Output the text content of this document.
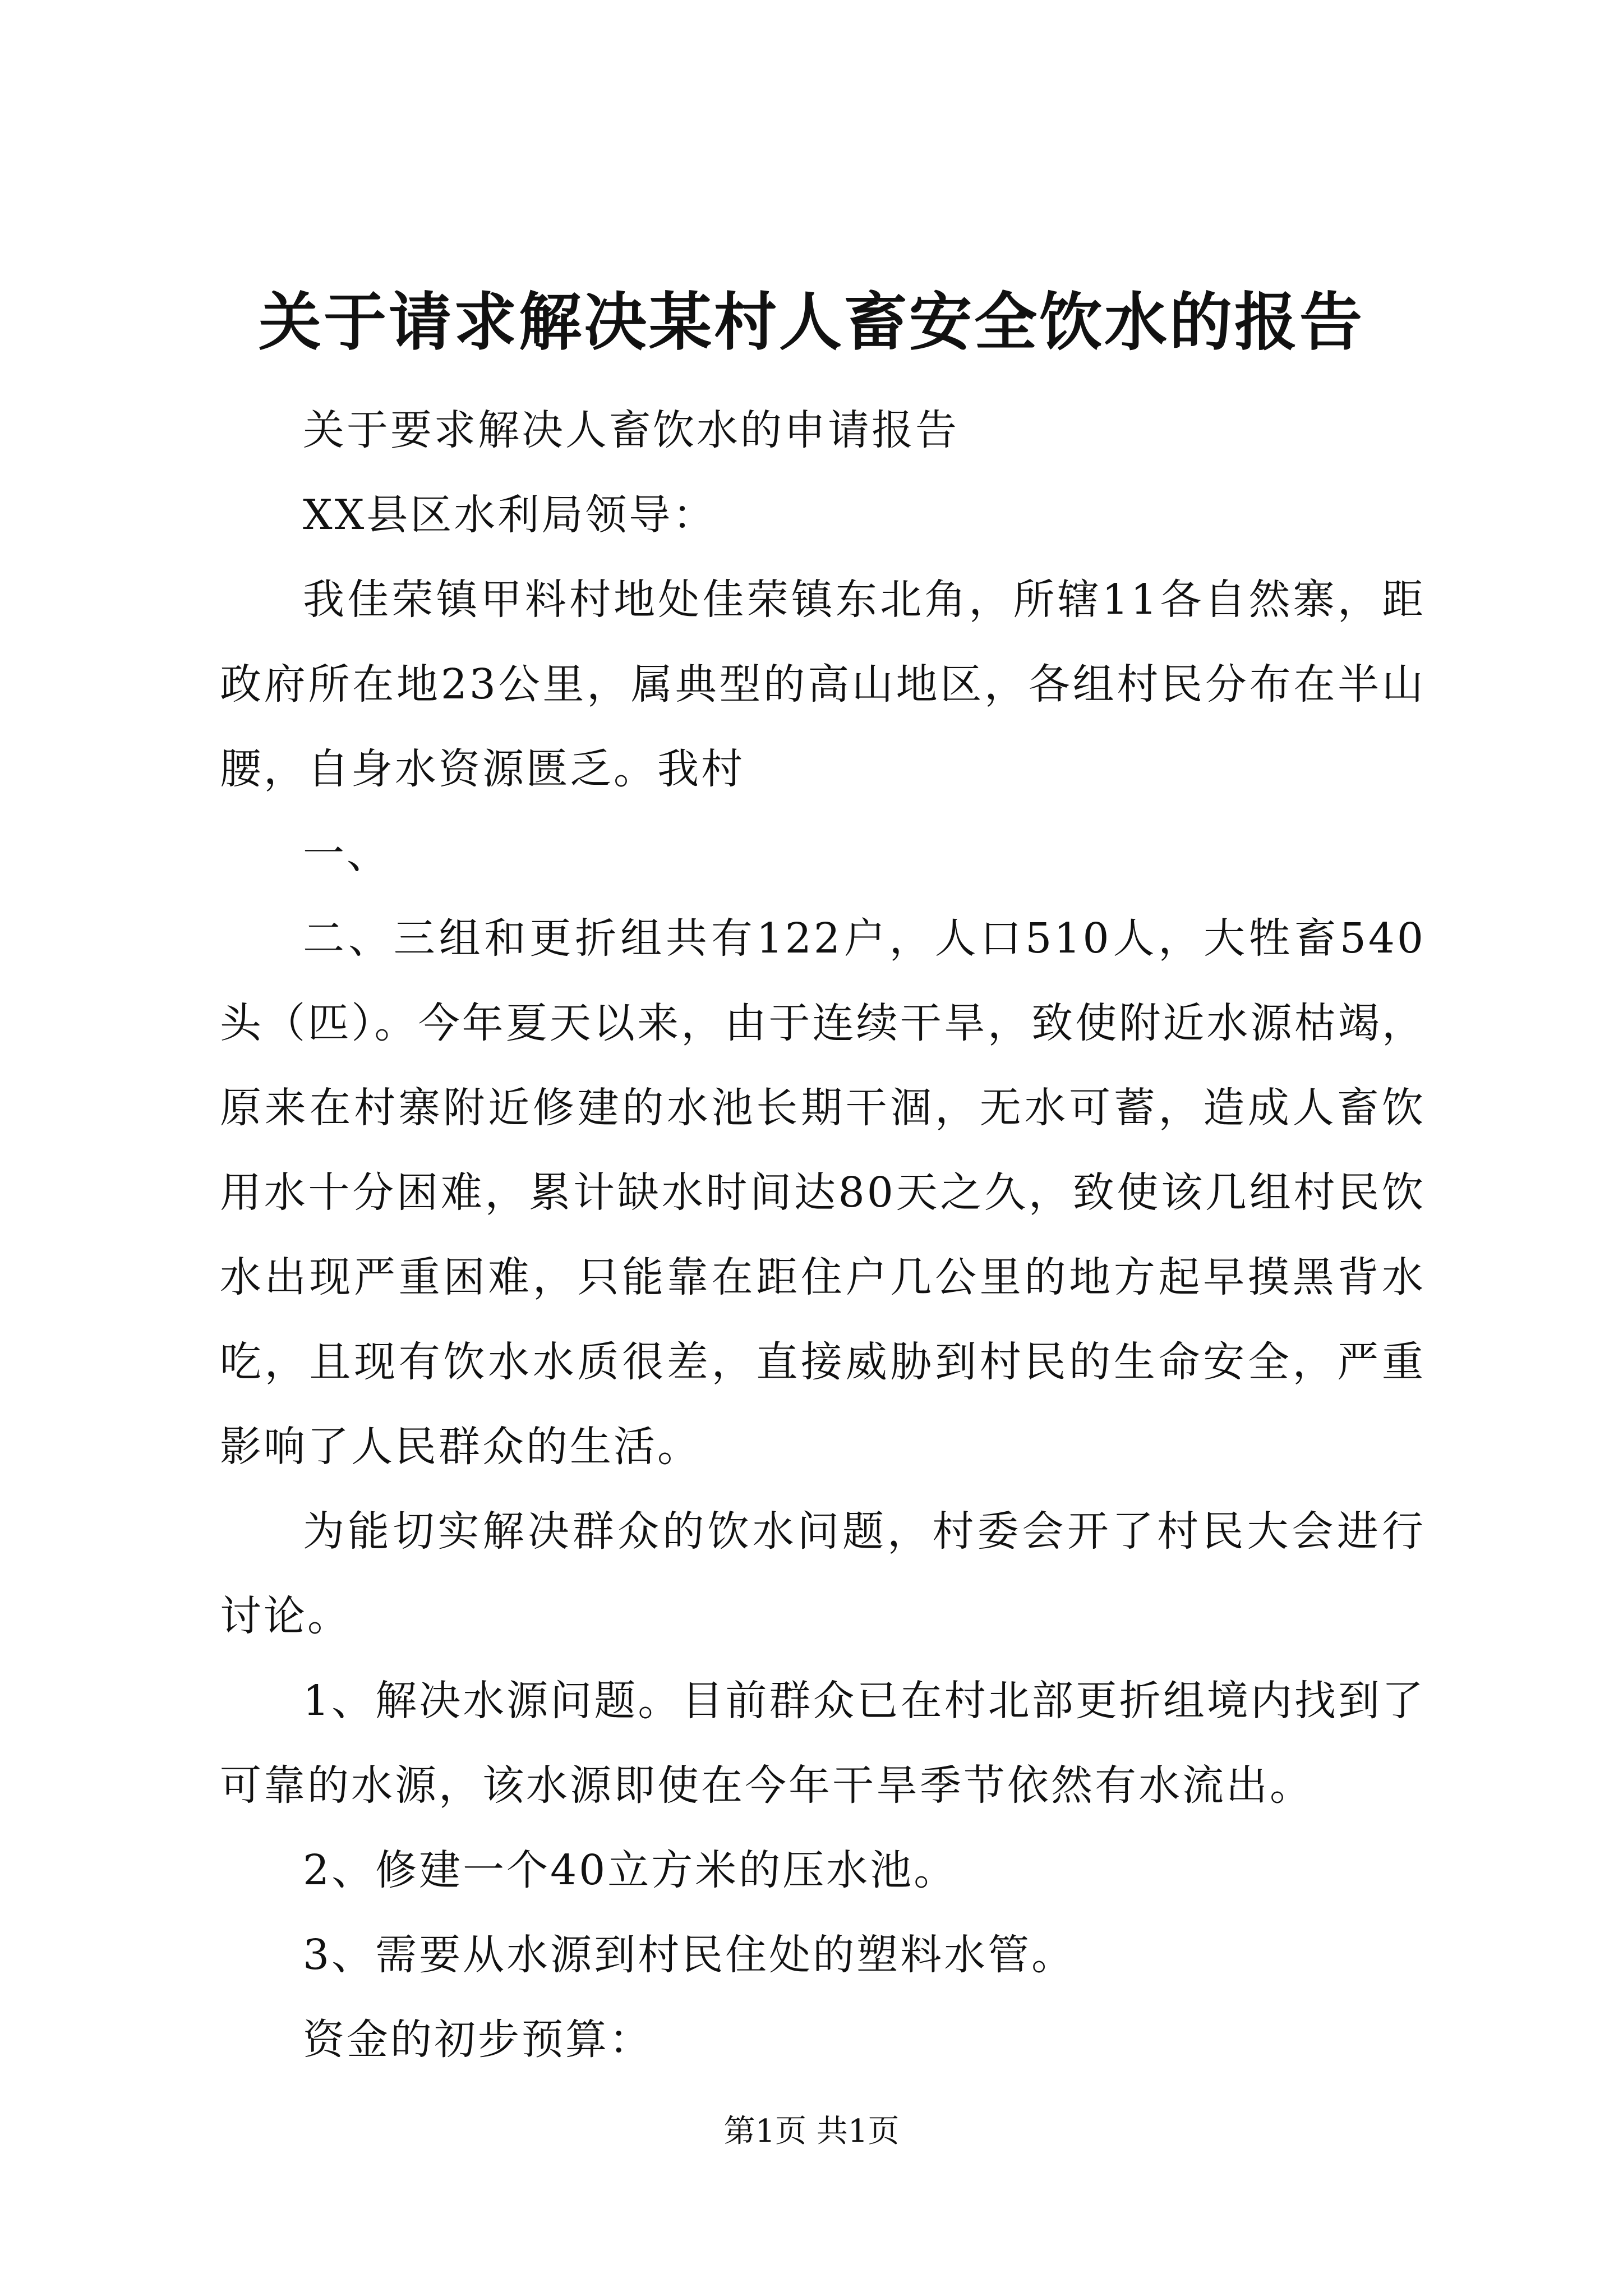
关于请求解决某村人畜安全饮水的报告

关于要求解决人畜饮水的申请报告

XX县区水利局领导：

我佳荣镇甲料村地处佳荣镇东北角，所辖11各自然寨，距政府所在地23公里，属典型的高山地区，各组村民分布在半山腰，自身水资源匮乏。我村

一、

二、三组和更折组共有122户，人口510人，大牲畜540头（匹）。今年夏天以来，由于连续干旱，致使附近水源枯竭，原来在村寨附近修建的水池长期干涸，无水可蓄，造成人畜饮用水十分困难，累计缺水时间达80天之久，致使该几组村民饮水出现严重困难，只能靠在距住户几公里的地方起早摸黑背水吃，且现有饮水水质很差，直接威胁到村民的生命安全，严重影响了人民群众的生活。

为能切实解决群众的饮水问题，村委会开了村民大会进行讨论。

1、解决水源问题。目前群众已在村北部更折组境内找到了可靠的水源，该水源即使在今年干旱季节依然有水流出。

2、修建一个40立方米的压水池。

3、需要从水源到村民住处的塑料水管。

资金的初步预算：

第1页 共1页
